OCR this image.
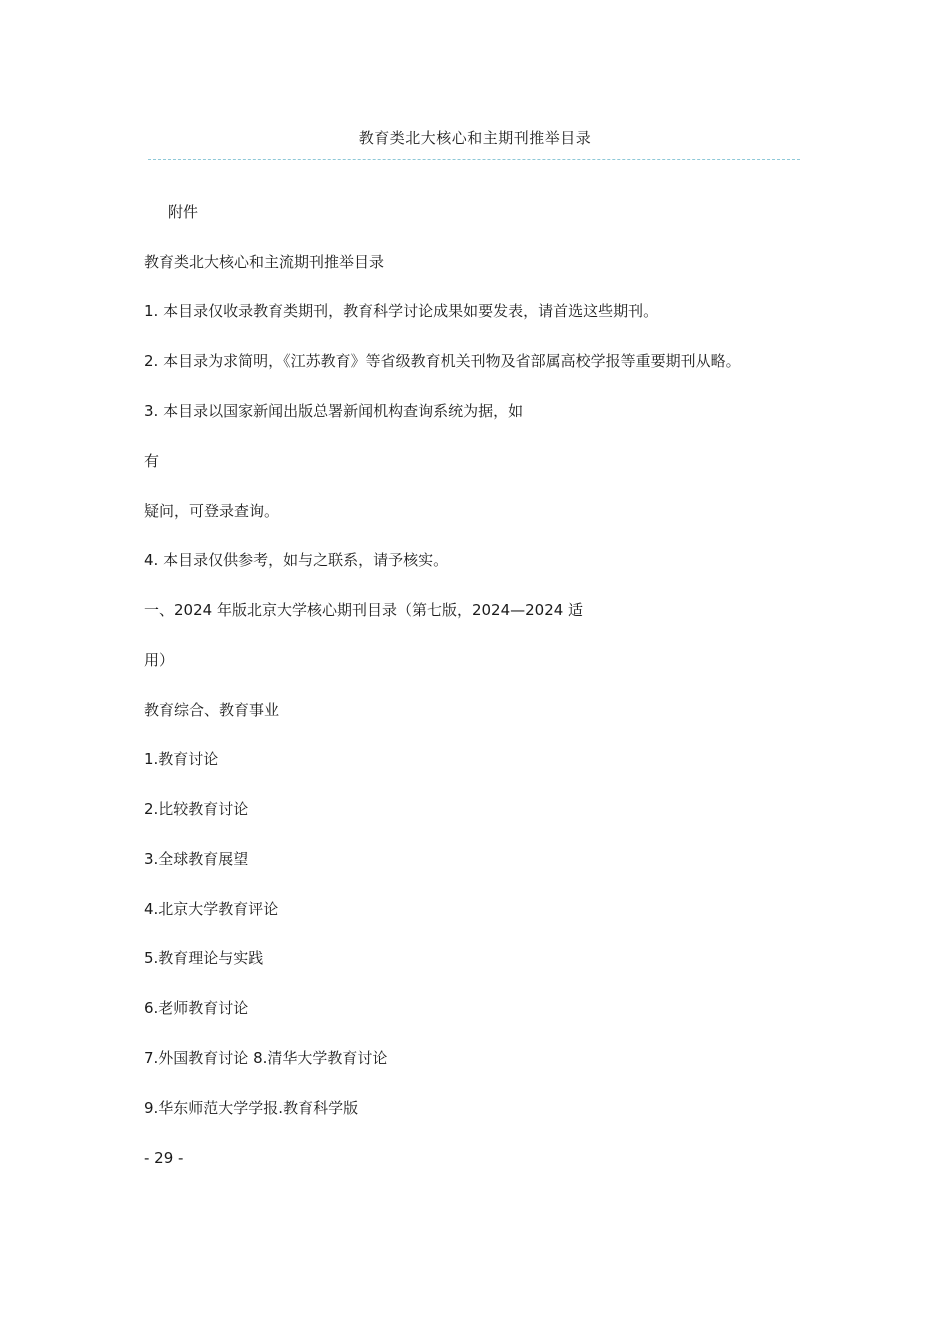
教育类北大核心和主期刊推举目录
附件
教育类北大核心和主流期刊推举目录
1. 本目录仅收录教育类期刊，教育科学讨论成果如要发表，请首选这些期刊。
2. 本目录为求简明，《江苏教育》等省级教育机关刊物及省部属高校学报等重要期刊从略。
3. 本目录以国家新闻出版总署新闻机构查询系统为据，如
有
疑问，可登录查询。
4. 本目录仅供参考，如与之联系，请予核实。
一、2024 年版北京大学核心期刊目录（第七版，2024—2024 适
用）
教育综合、教育事业
1.教育讨论
2.比较教育讨论
3.全球教育展望
4.北京大学教育评论
5.教育理论与实践
6.老师教育讨论
7.外国教育讨论 8.清华大学教育讨论
9.华东师范大学学报.教育科学版
- 29 -
